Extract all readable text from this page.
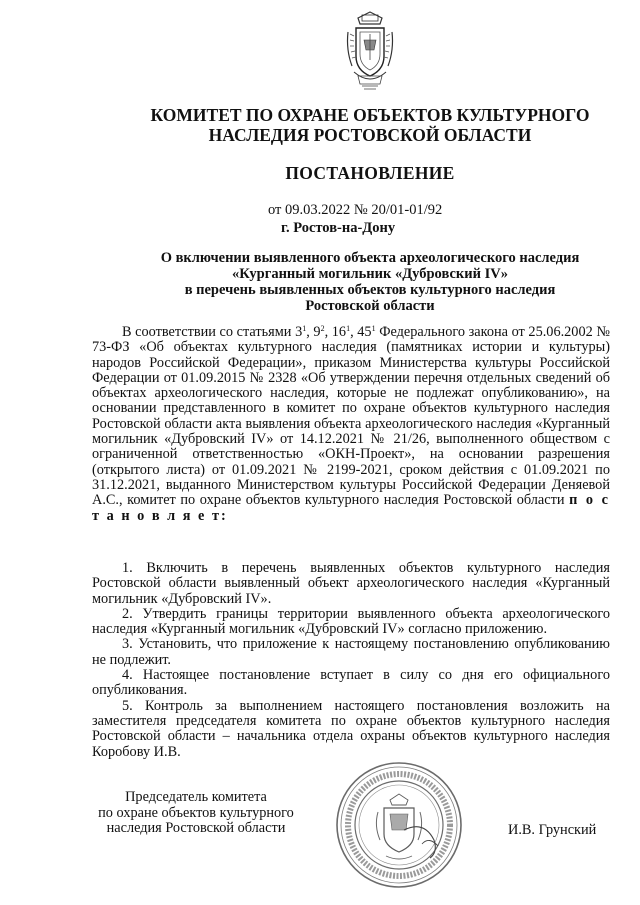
КОМИТЕТ ПО ОХРАНЕ ОБЪЕКТОВ КУЛЬТУРНОГО
НАСЛЕДИЯ РОСТОВСКОЙ ОБЛАСТИ
ПОСТАНОВЛЕНИЕ
от 09.03.2022 № 20/01-01/92
г. Ростов-на-Дону
О включении выявленного объекта археологического наследия
«Курганный могильник «Дубровский IV»
в перечень выявленных объектов культурного наследия
Ростовской области
В соответствии со статьями $3^1$, $9^2$, $16^1$, $45^1$ Федерального закона от 25.06.2002 № 73-ФЗ «Об объектах культурного наследия (памятниках истории и культуры) народов Российской Федерации», приказом Министерства культуры Российской Федерации от 01.09.2015 № 2328 «Об утверждении перечня отдельных сведений об объектах археологического наследия, которые не подлежат опубликованию», на основании представленного в комитет по охране объектов культурного наследия Ростовской области акта выявления объекта археологического наследия «Курганный могильник «Дубровский IV» от 14.12.2021 № 21/26, выполненного обществом с ограниченной ответственностью «ОКН-Проект», на основании разрешения (открытого листа) от 01.09.2021 № 2199-2021, сроком действия с 01.09.2021 по 31.12.2021, выданного Министерством культуры Российской Федерации Деняевой А.С., комитет по охране объектов культурного наследия Ростовской области п о с т а н о в л я е т:

1. Включить в перечень выявленных объектов культурного наследия Ростовской области выявленный объект археологического наследия «Курганный могильник «Дубровский IV».

2. Утвердить границы территории выявленного объекта археологического наследия «Курганный могильник «Дубровский IV» согласно приложению.

3. Установить, что приложение к настоящему постановлению опубликованию не подлежит.

4. Настоящее постановление вступает в силу со дня его официального опубликования.

5. Контроль за выполнением настоящего постановления возложить на заместителя председателя комитета по охране объектов культурного наследия Ростовской области – начальника отдела охраны объектов культурного наследия Коробову И.В.

Председатель комитета
по охране объектов культурного
наследия Ростовской области	И.В. Грунский
